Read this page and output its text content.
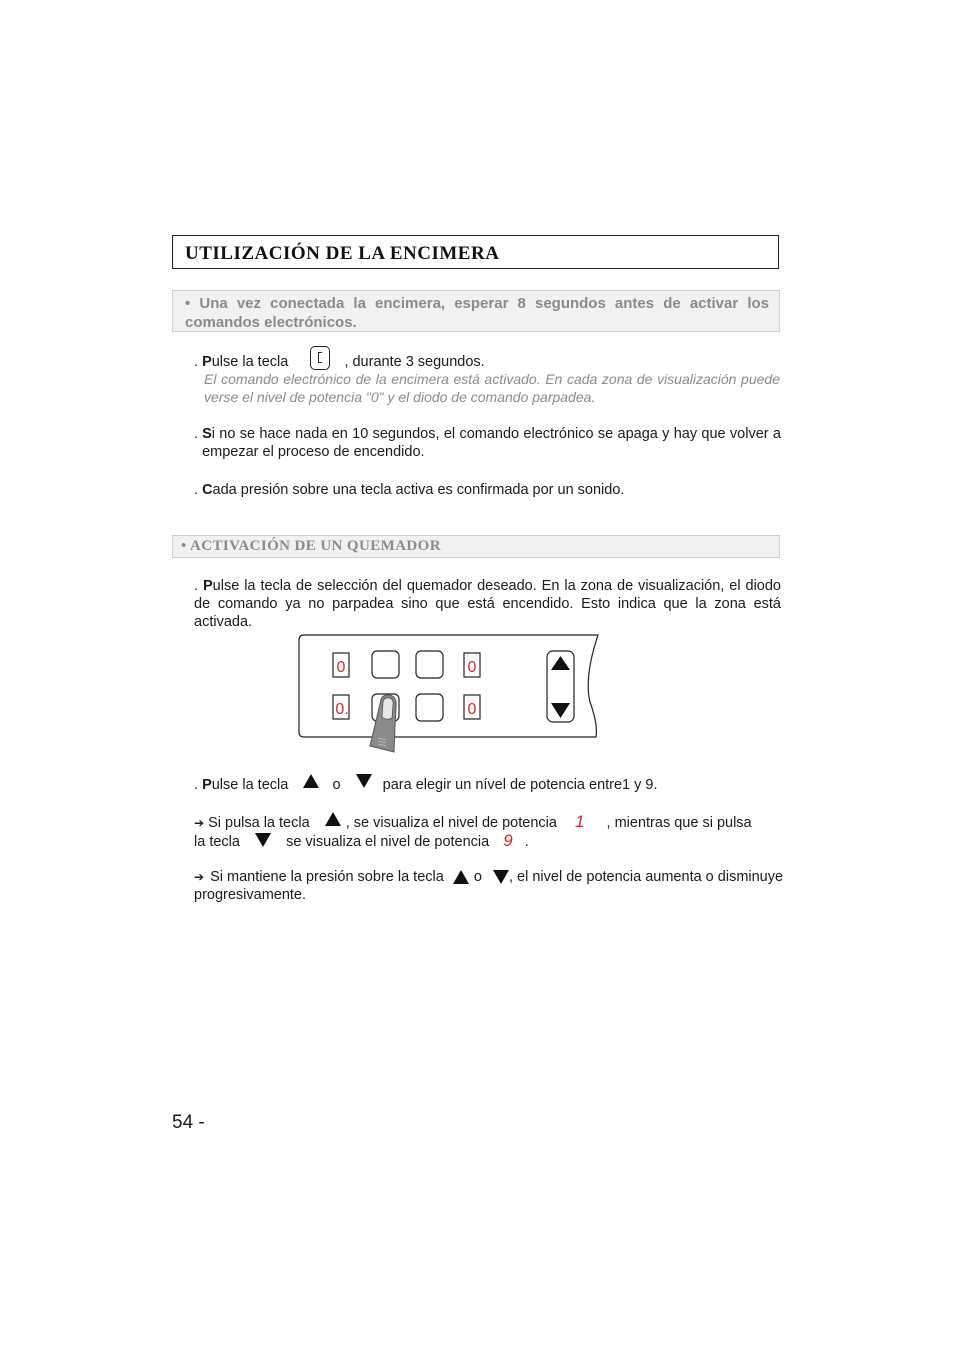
UTILIZACIÓN DE LA ENCIMERA
• Una vez conectada la encimera, esperar 8 segundos antes de activar los comandos electrónicos.
. Pulse la tecla	, durante 3 segundos.
El comando electrónico de la encimera está activado. En cada zona de visualización puede verse el nivel de potencia "0" y el diodo de comando parpadea.
. Si no se hace nada en 10 segundos, el comando electrónico se apaga y hay que volver a empezar el proceso de encendido.
. Cada presión sobre una tecla activa es confirmada por un sonido.
• ACTIVACIÓN DE UN QUEMADOR
. Pulse la tecla de selección del quemador deseado. En la zona de visualización, el diodo de comando ya no parpadea sino que está encendido. Esto indica que la zona está activada.
0	0
0.	0
. Pulse la tecla	o	para elegir un nível de potencia entre1 y 9.
➔ Si pulsa la tecla , se visualiza el nivel de potencia 1 , mientras que si pulsa
la tecla	se visualiza el nivel de potencia 9 .
➔ Si mantiene la presión sobre la tecla o , el nivel de potencia aumenta o disminuye
54 -
progresivamente.
